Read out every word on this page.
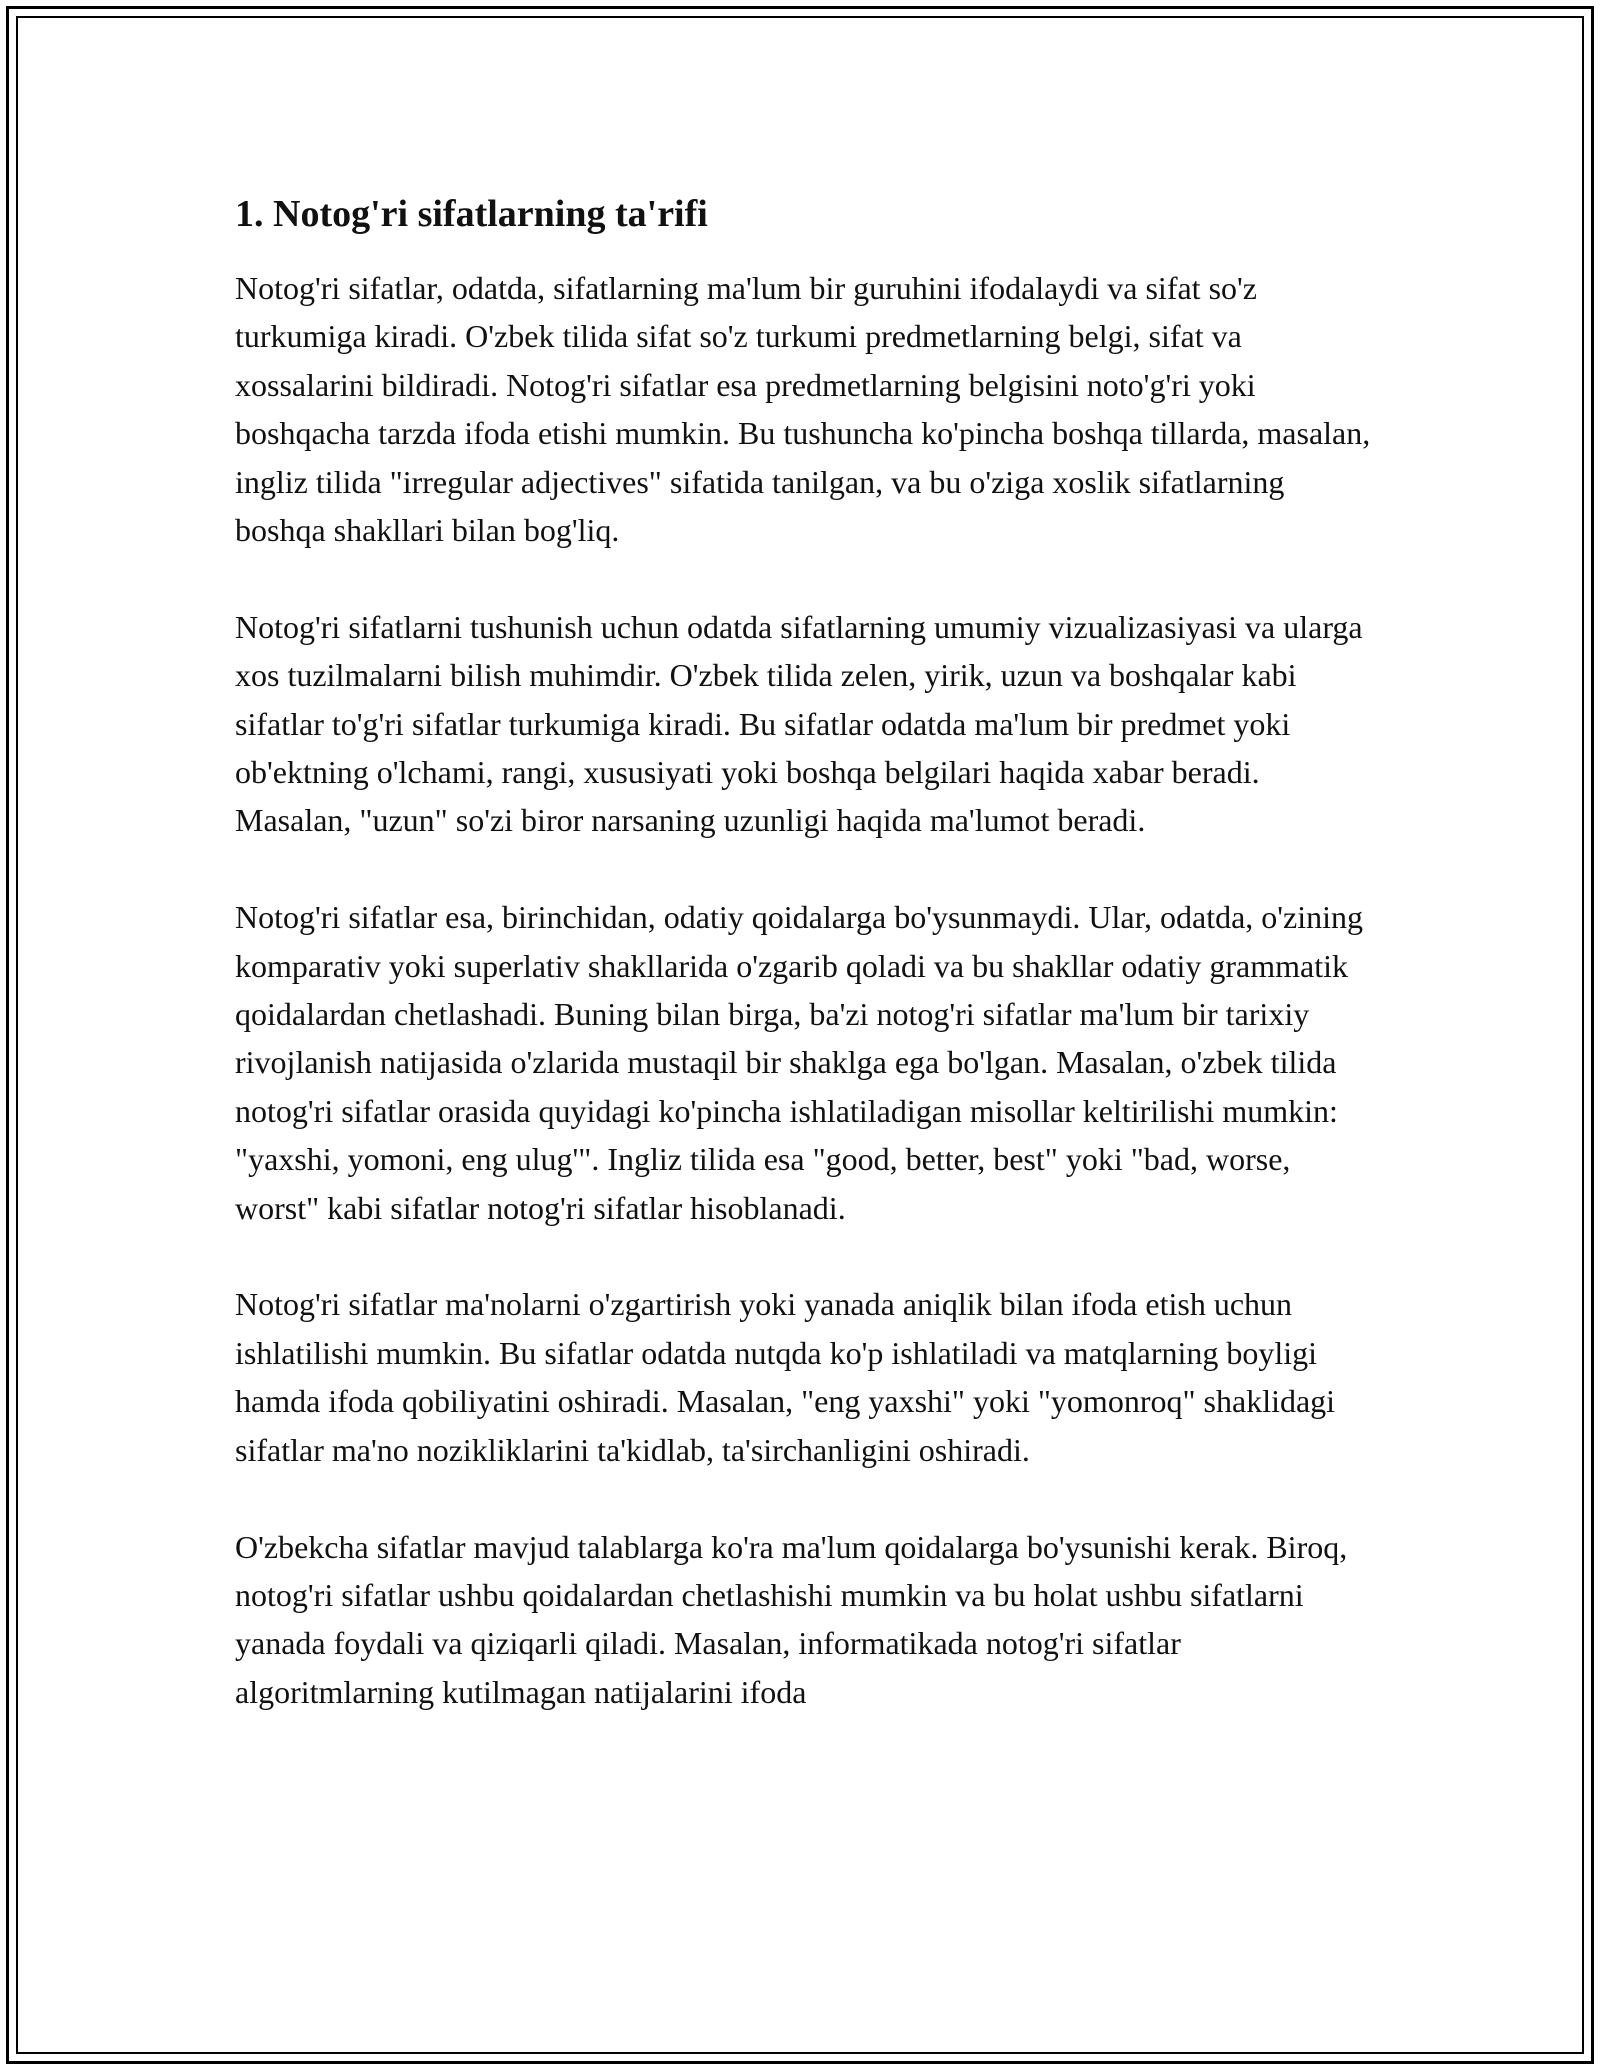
1. Notog'ri sifatlarning ta'rifi

Notog'ri sifatlar, odatda, sifatlarning ma'lum bir guruhini ifodalaydi va sifat so'z turkumiga kiradi. O'zbek tilida sifat so'z turkumi predmetlarning belgi, sifat va xossalarini bildiradi. Notog'ri sifatlar esa predmetlarning belgisini noto'g'ri yoki boshqacha tarzda ifoda etishi mumkin. Bu tushuncha ko'pincha boshqa tillarda, masalan, ingliz tilida "irregular adjectives" sifatida tanilgan, va bu o'ziga xoslik sifatlarning boshqa shakllari bilan bog'liq.

Notog'ri sifatlarni tushunish uchun odatda sifatlarning umumiy vizualizasiyasi va ularga xos tuzilmalarni bilish muhimdir. O'zbek tilida zelen, yirik, uzun va boshqalar kabi sifatlar to'g'ri sifatlar turkumiga kiradi. Bu sifatlar odatda ma'lum bir predmet yoki ob'ektning o'lchami, rangi, xususiyati yoki boshqa belgilari haqida xabar beradi. Masalan, "uzun" so'zi biror narsaning uzunligi haqida ma'lumot beradi.

Notog'ri sifatlar esa, birinchidan, odatiy qoidalarga bo'ysunmaydi. Ular, odatda, o'zining komparativ yoki superlativ shakllarida o'zgarib qoladi va bu shakllar odatiy grammatik qoidalardan chetlashadi. Buning bilan birga, ba'zi notog'ri sifatlar ma'lum bir tarixiy rivojlanish natijasida o'zlarida mustaqil bir shaklga ega bo'lgan. Masalan, o'zbek tilida notog'ri sifatlar orasida quyidagi ko'pincha ishlatiladigan misollar keltirilishi mumkin: "yaxshi, yomoni, eng ulug'". Ingliz tilida esa "good, better, best" yoki "bad, worse, worst" kabi sifatlar notog'ri sifatlar hisoblanadi.

Notog'ri sifatlar ma'nolarni o'zgartirish yoki yanada aniqlik bilan ifoda etish uchun ishlatilishi mumkin. Bu sifatlar odatda nutqda ko'p ishlatiladi va matqlarning boyligi hamda ifoda qobiliyatini oshiradi. Masalan, "eng yaxshi" yoki "yomonroq" shaklidagi sifatlar ma'no nozikliklarini ta'kidlab, ta'sirchanligini oshiradi.

O'zbekcha sifatlar mavjud talablarga ko'ra ma'lum qoidalarga bo'ysunishi kerak. Biroq, notog'ri sifatlar ushbu qoidalardan chetlashishi mumkin va bu holat ushbu sifatlarni yanada foydali va qiziqarli qiladi. Masalan, informatikada notog'ri sifatlar algoritmlarning kutilmagan natijalarini ifoda
